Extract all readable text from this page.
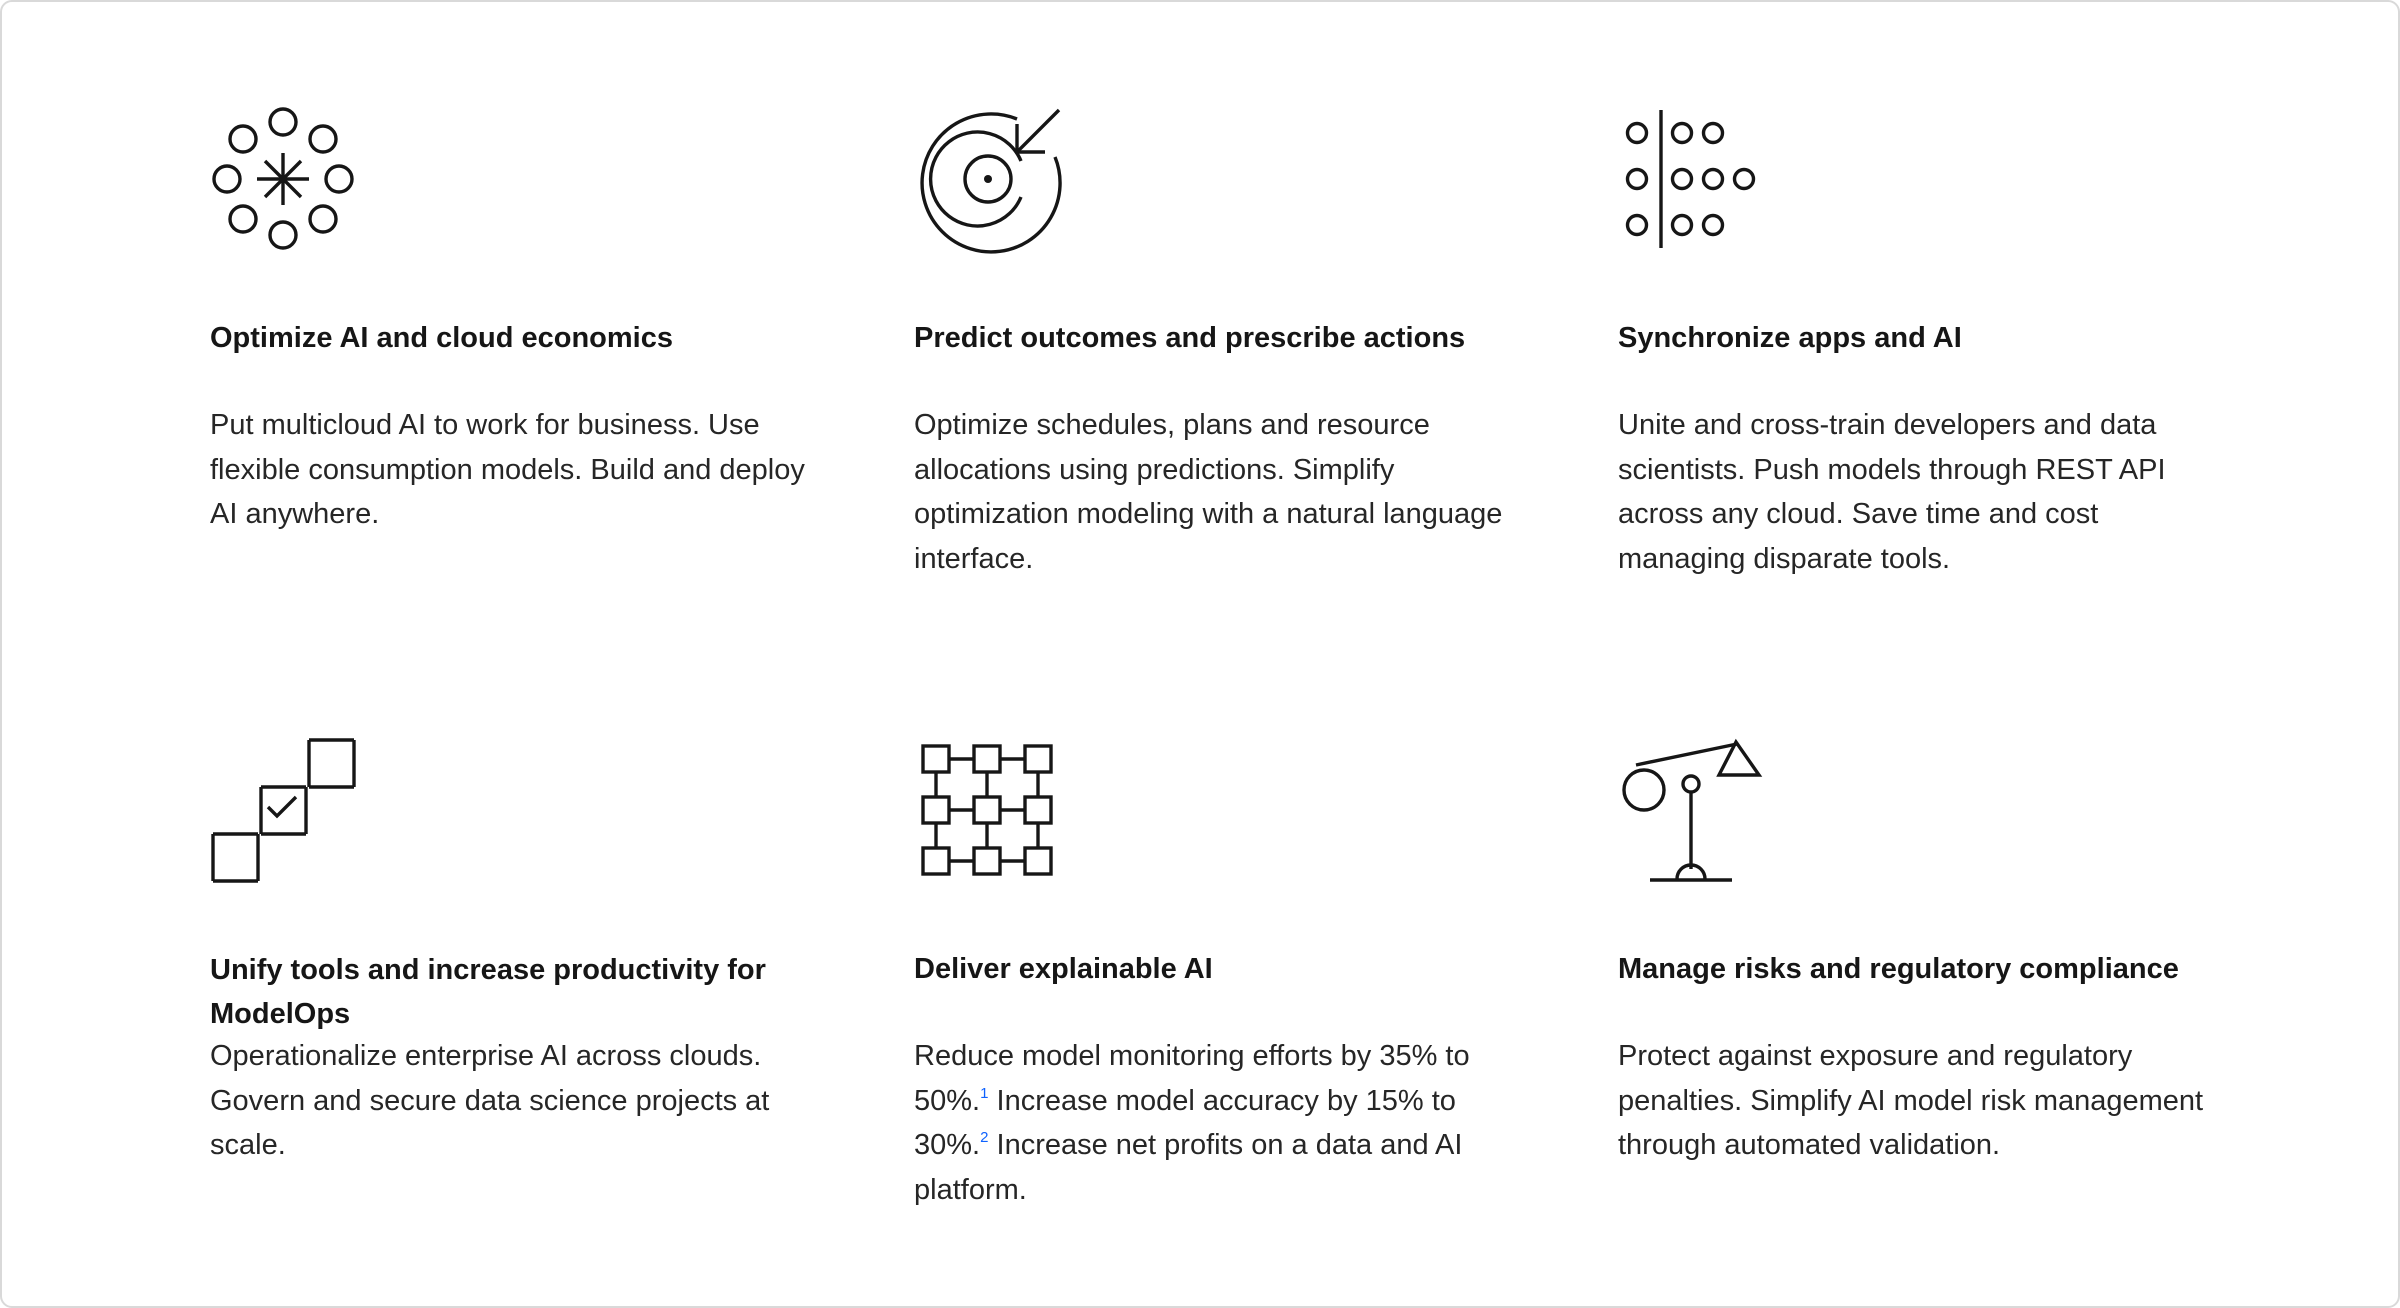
Optimize AI and cloud economics

Put multicloud AI to work for business. Use flexible consumption models. Build and deploy AI anywhere.

Predict outcomes and prescribe actions

Optimize schedules, plans and resource allocations using predictions. Simplify optimization modeling with a natural language interface.

Synchronize apps and AI

Unite and cross-train developers and data scientists. Push models through REST API across any cloud. Save time and cost managing disparate tools.

Unify tools and increase productivity for ModelOps

Operationalize enterprise AI across clouds. Govern and secure data science projects at scale.

Deliver explainable AI

Reduce model monitoring efforts by 35% to 50%.$^1$ Increase model accuracy by 15% to 30%.$^2$ Increase net profits on a data and AI platform.

Manage risks and regulatory compliance

Protect against exposure and regulatory penalties. Simplify AI model risk management through automated validation.
